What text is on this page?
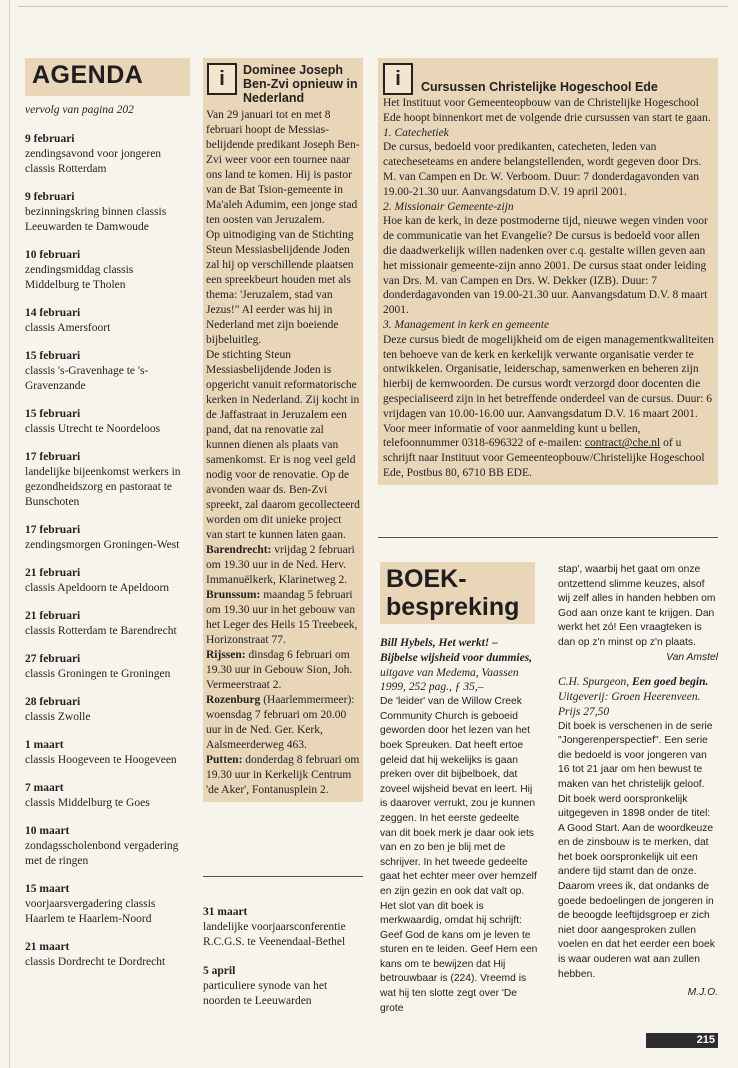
AGENDA
vervolg van pagina 202
9 februari
zendingsavond voor jongeren classis Rotterdam
9 februari
bezinningskring binnen classis Leeuwarden te Damwoude
10 februari
zendingsmiddag classis Middelburg te Tholen
14 februari
classis Amersfoort
15 februari
classis 's-Gravenhage te 's-Gravenzande
15 februari
classis Utrecht te Noordeloos
17 februari
landelijke bijeenkomst werkers in gezondheidszorg en pastoraat te Bunschoten
17 februari
zendingsmorgen Groningen-West
21 februari
classis Apeldoorn te Apeldoorn
21 februari
classis Rotterdam te Barendrecht
27 februari
classis Groningen te Groningen
28 februari
classis Zwolle
1 maart
classis Hoogeveen te Hoogeveen
7 maart
classis Middelburg te Goes
10 maart
zondagsscholenbond vergadering met de ringen
15 maart
voorjaarsvergadering classis Haarlem te Haarlem-Noord
21 maart
classis Dordrecht te Dordrecht
i	Dominee Joseph Ben-Zvi opnieuw in Nederland

Van 29 januari tot en met 8 februari hoopt de Messias-belijdende predikant Joseph Ben-Zvi weer voor een tournee naar ons land te komen. Hij is pastor van de Bat Tsion-gemeente in Ma'aleh Adumim, een jonge stad ten oosten van Jeruzalem.

Op uitnodiging van de Stichting Steun Messiasbelijdende Joden zal hij op verschillende plaatsen een spreekbeurt houden met als thema: 'Jeruzalem, stad van Jezus!" Al eerder was hij in Nederland met zijn boeiende bijbeluitleg.

De stichting Steun Messiasbelijdende Joden is opgericht vanuit reformatorische kerken in Nederland. Zij kocht in de Jaffastraat in Jeruzalem een pand, dat na renovatie zal kunnen dienen als plaats van samenkomst. Er is nog veel geld nodig voor de renovatie. Op de avonden waar ds. Ben-Zvi spreekt, zal daarom gecollecteerd worden om dit unieke project van start te kunnen laten gaan.

Barendrecht: vrijdag 2 februari om 19.30 uur in de Ned. Herv. Immanuëlkerk, Klarinetweg 2.

Brunssum: maandag 5 februari om 19.30 uur in het gebouw van het Leger des Heils 15 Treebeek, Horizonstraat 77.

Rijssen: dinsdag 6 februari om 19.30 uur in Gebouw Sion, Joh. Vermeerstraat 2.

Rozenburg (Haarlemmermeer): woensdag 7 februari om 20.00 uur in de Ned. Ger. Kerk, Aalsmeerderweg 463.

Putten: donderdag 8 februari om 19.30 uur in Kerkelijk Centrum 'de Aker', Fontanusplein 2.

31 maart
landelijke voorjaarsconferentie R.C.G.S. te Veenendaal-Bethel
5 april
particuliere synode van het noorden te Leeuwarden
i	Cursussen Christelijke Hogeschool Ede

Het Instituut voor Gemeenteopbouw van de Christelijke Hogeschool Ede hoopt binnenkort met de volgende drie cursussen van start te gaan.

1. Catechetiek

De cursus, bedoeld voor predikanten, catecheten, leden van catecheseteams en andere belangstellenden, wordt gegeven door Drs. M. van Campen en Dr. W. Verboom. Duur: 7 donderdagavonden van 19.00-21.30 uur. Aanvangsdatum D.V. 19 april 2001.

2. Missionair Gemeente-zijn

Hoe kan de kerk, in deze postmoderne tijd, nieuwe wegen vinden voor de communicatie van het Evangelie? De cursus is bedoeld voor allen die daadwerkelijk willen nadenken over c.q. gestalte willen geven aan het missionair gemeente-zijn anno 2001. De cursus staat onder leiding van Drs. M. van Campen en Drs. W. Dekker (IZB). Duur: 7 donderdagavonden van 19.00-21.30 uur. Aanvangsdatum D.V. 8 maart 2001.

3. Management in kerk en gemeente

Deze cursus biedt de mogelijkheid om de eigen managementkwaliteiten ten behoeve van de kerk en kerkelijk verwante organisatie verder te ontwikkelen. Organisatie, leiderschap, samenwerken en beheren zijn hierbij de kernwoorden. De cursus wordt verzorgd door docenten die gespecialiseerd zijn in het betreffende onderdeel van de cursus. Duur: 6 vrijdagen van 10.00-16.00 uur. Aanvangsdatum D.V. 16 maart 2001.

Voor meer informatie of voor aanmelding kunt u bellen, telefoonnummer 0318-696322 of e-mailen: contract@che.nl of u schrijft naar Instituut voor Gemeenteopbouw/Christelijke Hogeschool Ede, Postbus 80, 6710 BB EDE.

BOEK-
bespreking

Bill Hybels, Het werkt! – Bijbelse wijsheid voor dummies, uitgave van Medema, Vaassen 1999, 252 pag., ƒ 35,–

De 'leider' van de Willow Creek Community Church is geboeid geworden door het lezen van het boek Spreuken. Dat heeft ertoe geleid dat hij wekelijks is gaan preken over dit bijbelboek, dat zoveel wijsheid bevat en leert. Hij is daarover verrukt, zou je kunnen zeggen. In het eerste gedeelte van dit boek merk je daar ook iets van en zo ben je blij met de schrijver. In het tweede gedeelte gaat het echter meer over hemzelf en zijn gezin en ook dat valt op.

Het slot van dit boek is merkwaardig, omdat hij schrijft: Geef God de kans om je leven te sturen en te leiden. Geef Hem een kans om te bewijzen dat Hij betrouwbaar is (224). Vreemd is wat hij ten slotte zegt over 'De grote

stap', waarbij het gaat om onze ontzettend slimme keuzes, alsof wij zelf alles in handen hebben om God aan onze kant te krijgen. Dan werkt het zó! Een vraagteken is dan op z'n minst op z'n plaats.

Van Amstel

C.H. Spurgeon, Een goed begin. Uitgeverij: Groen Heerenveen. Prijs 27,50

Dit boek is verschenen in de serie "Jongerenperspectief". Een serie die bedoeld is voor jongeren van 16 tot 21 jaar om hen bewust te maken van het christelijk geloof. Dit boek werd oorspronkelijk uitgegeven in 1898 onder de titel: A Good Start. Aan de woordkeuze en de zinsbouw is te merken, dat het boek oorspronkelijk uit een andere tijd stamt dan de onze. Daarom vrees ik, dat ondanks de goede bedoelingen de jongeren in de beoogde leeftijdsgroep er zich niet door aangesproken zullen voelen en dat het eerder een boek is waar ouderen wat aan zullen hebben.

M.J.O.

215
